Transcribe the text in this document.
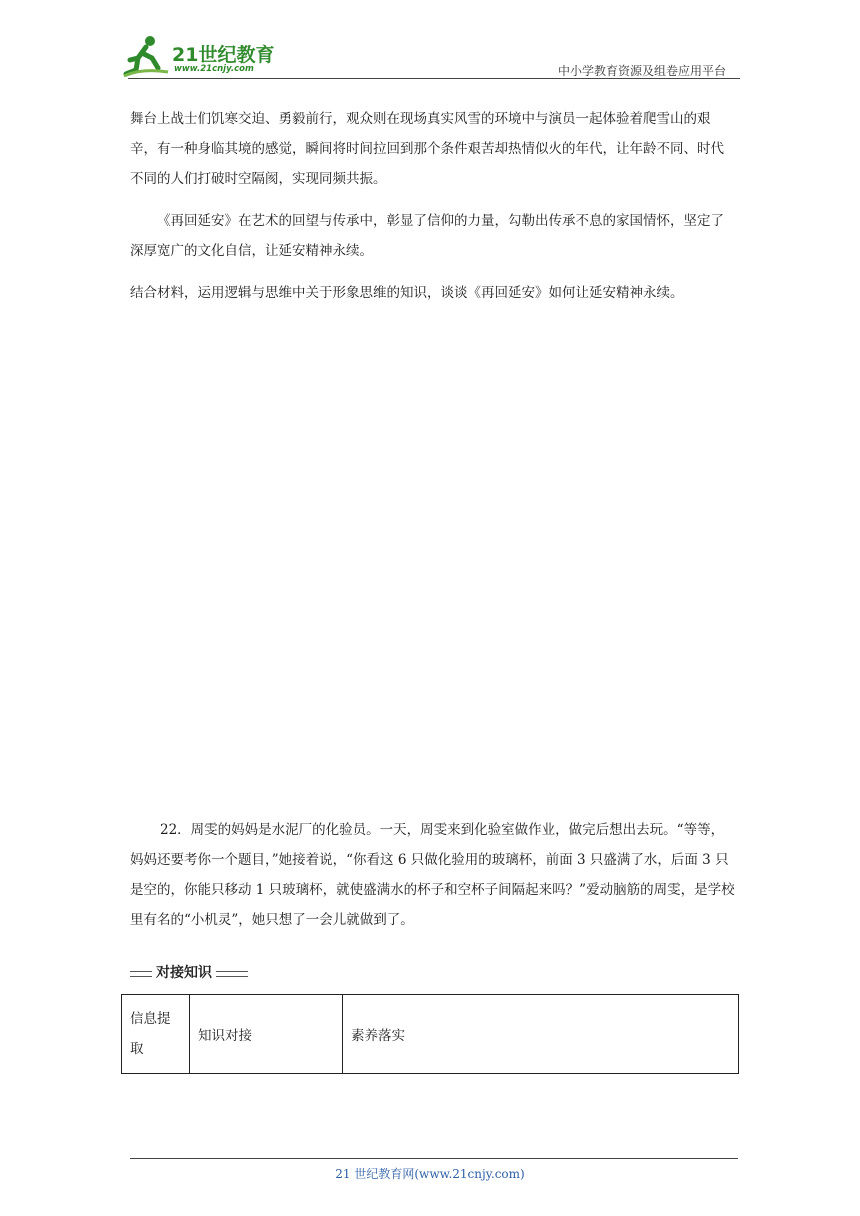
21世纪教育
www.21cnjy.com	中小学教育资源及组卷应用平台

舞台上战士们饥寒交迫、勇毅前行，观众则在现场真实风雪的环境中与演员一起体验着爬雪山的艰辛，有一种身临其境的感觉，瞬间将时间拉回到那个条件艰苦却热情似火的年代，让年龄不同、时代不同的人们打破时空隔阂，实现同频共振。

《再回延安》在艺术的回望与传承中，彰显了信仰的力量，勾勒出传承不息的家国情怀，坚定了深厚宽广的文化自信，让延安精神永续。

结合材料，运用逻辑与思维中关于形象思维的知识，谈谈《再回延安》如何让延安精神永续。

22．周雯的妈妈是水泥厂的化验员。一天，周雯来到化验室做作业，做完后想出去玩。“等等，妈妈还要考你一个题目，”她接着说，“你看这 6 只做化验用的玻璃杯，前面 3 只盛满了水，后面 3 只是空的，你能只移动 1 只玻璃杯，就使盛满水的杯子和空杯子间隔起来吗？”爱动脑筋的周雯，是学校里有名的“小机灵”，她只想了一会儿就做到了。

对接知识
信息提取	知识对接	素养落实
21 世纪教育网(www.21cnjy.com)
